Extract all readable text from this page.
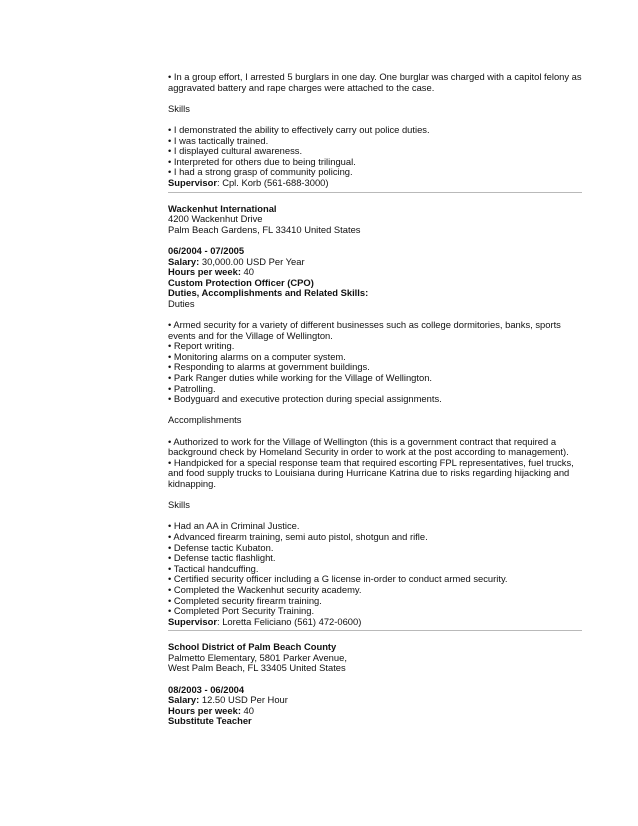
• In a group effort, I arrested 5 burglars in one day. One burglar was charged with a capitol felony as aggravated battery and rape charges were attached to the case.
Skills
• I demonstrated the ability to effectively carry out police duties.
• I was tactically trained.
• I displayed cultural awareness.
• Interpreted for others due to being trilingual.
• I had a strong grasp of community policing.
Supervisor: Cpl. Korb (561-688-3000)
Wackenhut International
4200 Wackenhut Drive
Palm Beach Gardens, FL 33410 United States
06/2004 - 07/2005
Salary: 30,000.00 USD Per Year
Hours per week: 40
Custom Protection Officer (CPO)
Duties, Accomplishments and Related Skills:
Duties
• Armed security for a variety of different businesses such as college dormitories, banks, sports events and for the Village of Wellington.
• Report writing.
• Monitoring alarms on a computer system.
• Responding to alarms at government buildings.
• Park Ranger duties while working for the Village of Wellington.
• Patrolling.
• Bodyguard and executive protection during special assignments.
Accomplishments
• Authorized to work for the Village of Wellington (this is a government contract that required a background check by Homeland Security in order to work at the post according to management).
• Handpicked for a special response team that required escorting FPL representatives, fuel trucks, and food supply trucks to Louisiana during Hurricane Katrina due to risks regarding hijacking and kidnapping.
Skills
• Had an AA in Criminal Justice.
• Advanced firearm training, semi auto pistol, shotgun and rifle.
• Defense tactic Kubaton.
• Defense tactic flashlight.
• Tactical handcuffing.
• Certified security officer including a G license in-order to conduct armed security.
• Completed the Wackenhut security academy.
• Completed security firearm training.
• Completed Port Security Training.
Supervisor: Loretta Feliciano (561) 472-0600)
School District of Palm Beach County
Palmetto Elementary, 5801 Parker Avenue,
West Palm Beach, FL 33405 United States
08/2003 - 06/2004
Salary: 12.50 USD Per Hour
Hours per week: 40
Substitute Teacher
